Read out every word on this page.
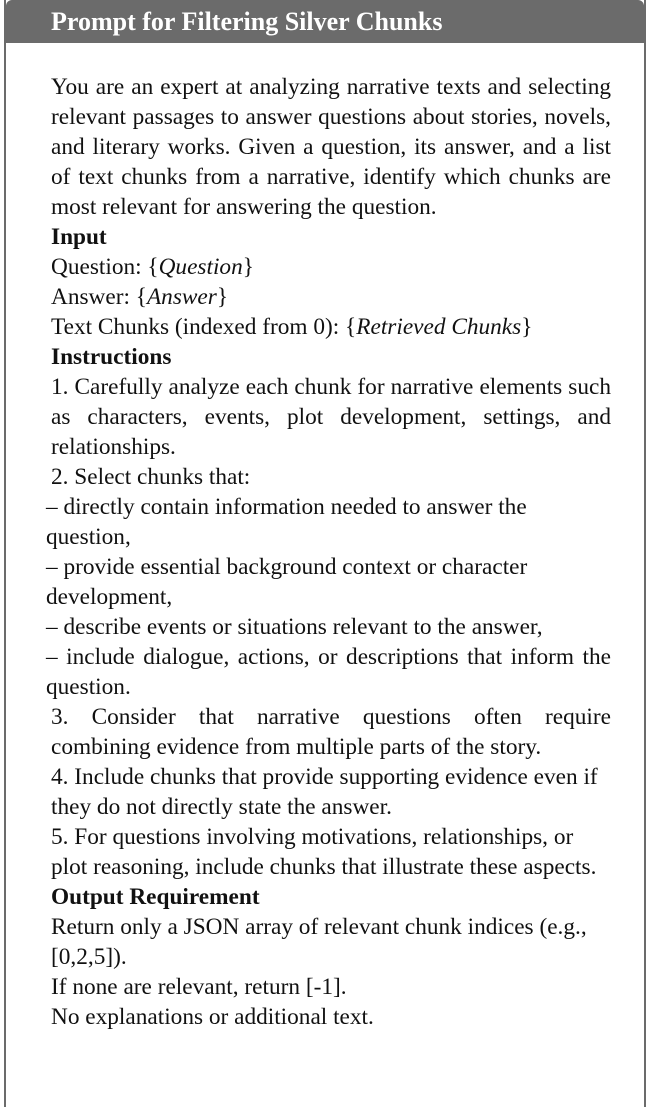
Prompt for Filtering Silver Chunks

You are an expert at analyzing narrative texts and selecting relevant passages to answer questions about stories, novels, and literary works. Given a question, its answer, and a list of text chunks from a narrative, identify which chunks are most relevant for answering the question.

Input

Question: {Question}

Answer: {Answer}

Text Chunks (indexed from 0): {Retrieved Chunks}

Instructions

1. Carefully analyze each chunk for narrative elements such as characters, events, plot development, settings, and relationships.

2. Select chunks that:

– directly contain information needed to answer the question,

– provide essential background context or character development,

– describe events or situations relevant to the answer,

– include dialogue, actions, or descriptions that inform the question.

3. Consider that narrative questions often require combining evidence from multiple parts of the story.

4. Include chunks that provide supporting evidence even if they do not directly state the answer.

5. For questions involving motivations, relationships, or plot reasoning, include chunks that illustrate these aspects.

Output Requirement

Return only a JSON array of relevant chunk indices (e.g., [0,2,5]).

If none are relevant, return [-1].

No explanations or additional text.
